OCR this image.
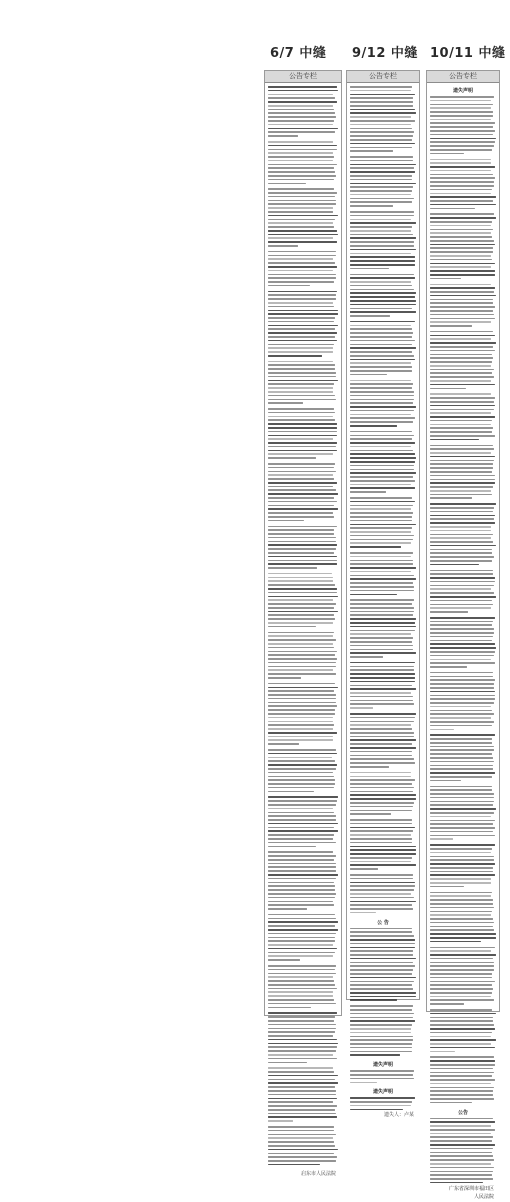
6/7 中缝
公告专栏
启东市人民法院
9/12 中缝
公告专栏
公 告
遗失声明
遗失声明
遗失人：卢某
10/11 中缝
公告专栏
遗失声明
公告
广东省深圳市福田区
人民法院
